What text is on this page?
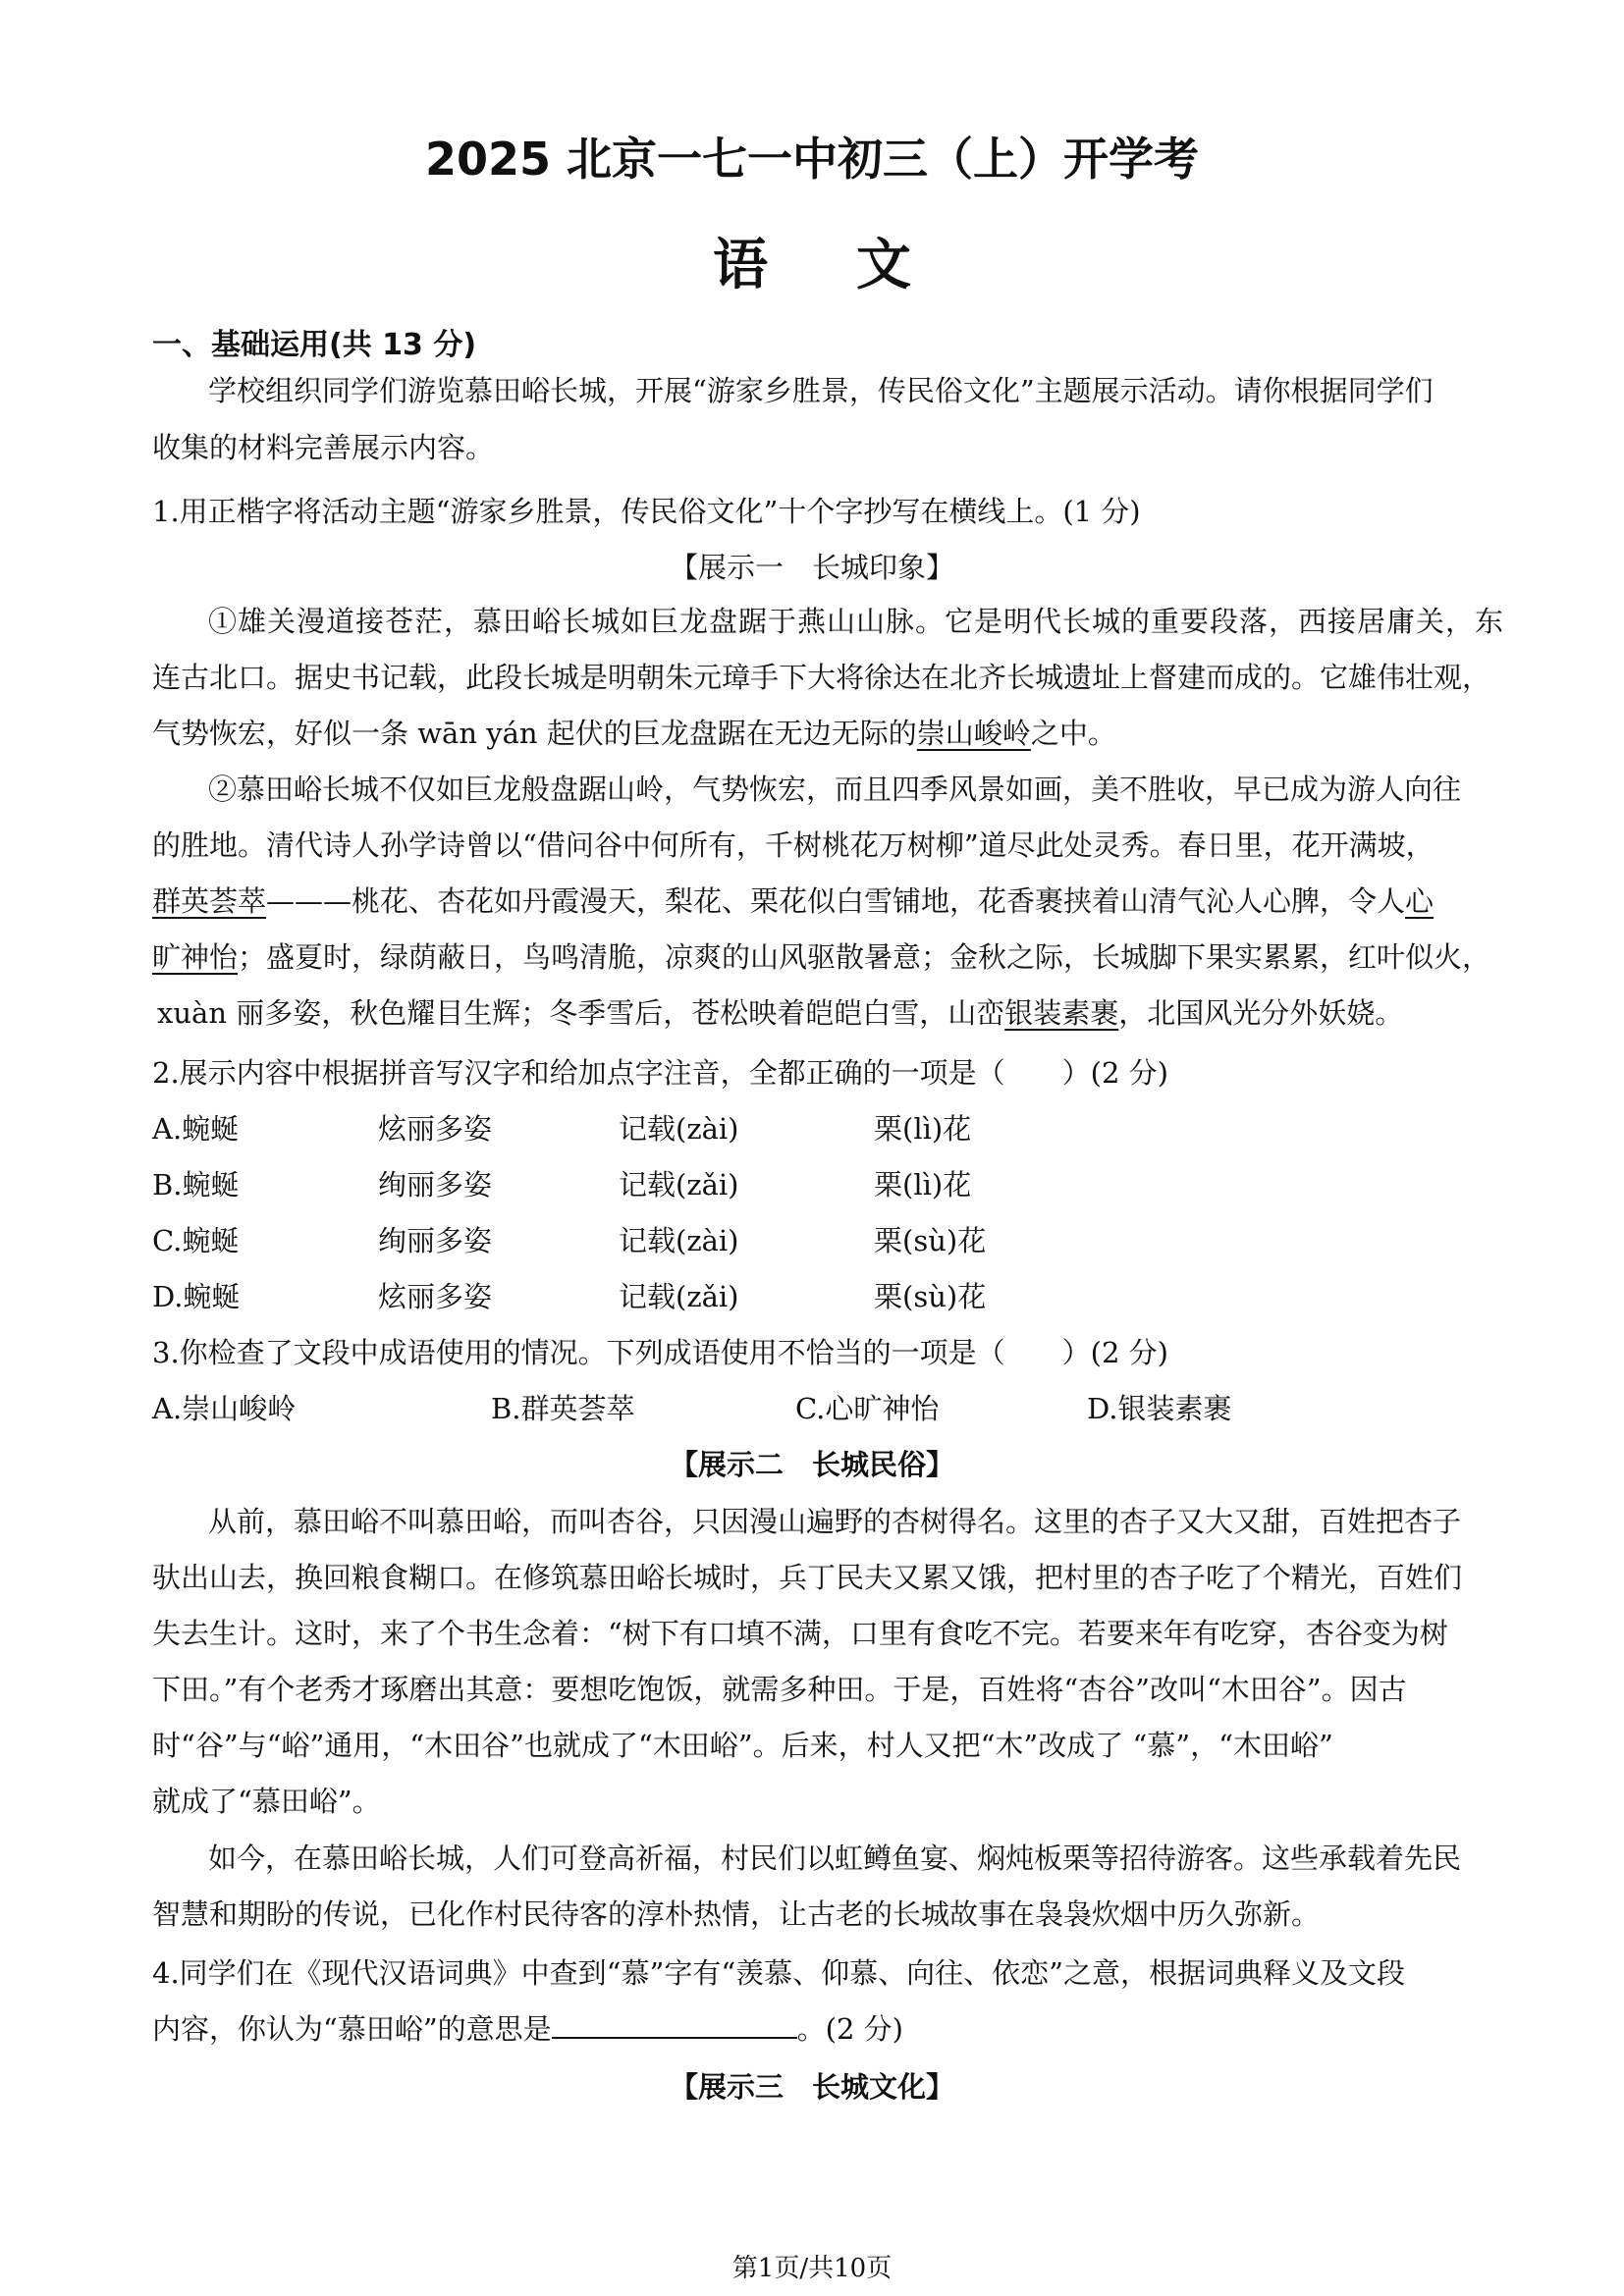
2025 北京一七一中初三（上）开学考
语文
一、基础运用(共 13 分)
学校组织同学们游览慕田峪长城，开展“游家乡胜景，传民俗文化”主题展示活动。请你根据同学们
收集的材料完善展示内容。
1.用正楷字将活动主题“游家乡胜景，传民俗文化”十个字抄写在横线上。(1 分)
【展示一　长城印象】
①雄关漫道接苍茫，慕田峪长城如巨龙盘踞于燕山山脉。它是明代长城的重要段落，西接居庸关，东
连古北口。据史书记载，此段长城是明朝朱元璋手下大将徐达在北齐长城遗址上督建而成的。它雄伟壮观，
气势恢宏，好似一条 wān yán 起伏的巨龙盘踞在无边无际的崇山峻岭之中。
②慕田峪长城不仅如巨龙般盘踞山岭，气势恢宏，而且四季风景如画，美不胜收，早已成为游人向往
的胜地。清代诗人孙学诗曾以“借问谷中何所有，千树桃花万树柳”道尽此处灵秀。春日里，花开满坡，
群英荟萃———桃花、杏花如丹霞漫天，梨花、栗花似白雪铺地，花香裹挟着山清气沁人心脾，令人心
旷神怡；盛夏时，绿荫蔽日，鸟鸣清脆，凉爽的山风驱散暑意；金秋之际，长城脚下果实累累，红叶似火，
xuàn 丽多姿，秋色耀目生辉；冬季雪后，苍松映着皑皑白雪，山峦银装素裹，北国风光分外妖娆。
2.展示内容中根据拼音写汉字和给加点字注音，全都正确的一项是（　　）(2 分)
A.蜿蜒	炫丽多姿	记载(zài)	栗(lì)花
B.蜿蜒	绚丽多姿	记载(zǎi)	栗(lì)花
C.蜿蜒	绚丽多姿	记载(zài)	栗(sù)花
D.蜿蜒	炫丽多姿	记载(zǎi)	栗(sù)花
3.你检查了文段中成语使用的情况。下列成语使用不恰当的一项是（　　）(2 分)
A.崇山峻岭	B.群英荟萃	C.心旷神怡	D.银装素裹
【展示二　长城民俗】
从前，慕田峪不叫慕田峪，而叫杏谷，只因漫山遍野的杏树得名。这里的杏子又大又甜，百姓把杏子
驮出山去，换回粮食糊口。在修筑慕田峪长城时，兵丁民夫又累又饿，把村里的杏子吃了个精光，百姓们
失去生计。这时，来了个书生念着：“树下有口填不满，口里有食吃不完。若要来年有吃穿，杏谷变为树
下田。”有个老秀才琢磨出其意：要想吃饱饭，就需多种田。于是，百姓将“杏谷”改叫“木田谷”。因古
时“谷”与“峪”通用，“木田谷”也就成了“木田峪”。后来，村人又把“木”改成了 “慕”，“木田峪”
就成了“慕田峪”。
如今，在慕田峪长城，人们可登高祈福，村民们以虹鳟鱼宴、焖炖板栗等招待游客。这些承载着先民
智慧和期盼的传说，已化作村民待客的淳朴热情，让古老的长城故事在袅袅炊烟中历久弥新。
4.同学们在《现代汉语词典》中查到“慕”字有“羡慕、仰慕、向往、依恋”之意，根据词典释义及文段
内容，你认为“慕田峪”的意思是	。(2 分)
【展示三　长城文化】
第1页/共10页
